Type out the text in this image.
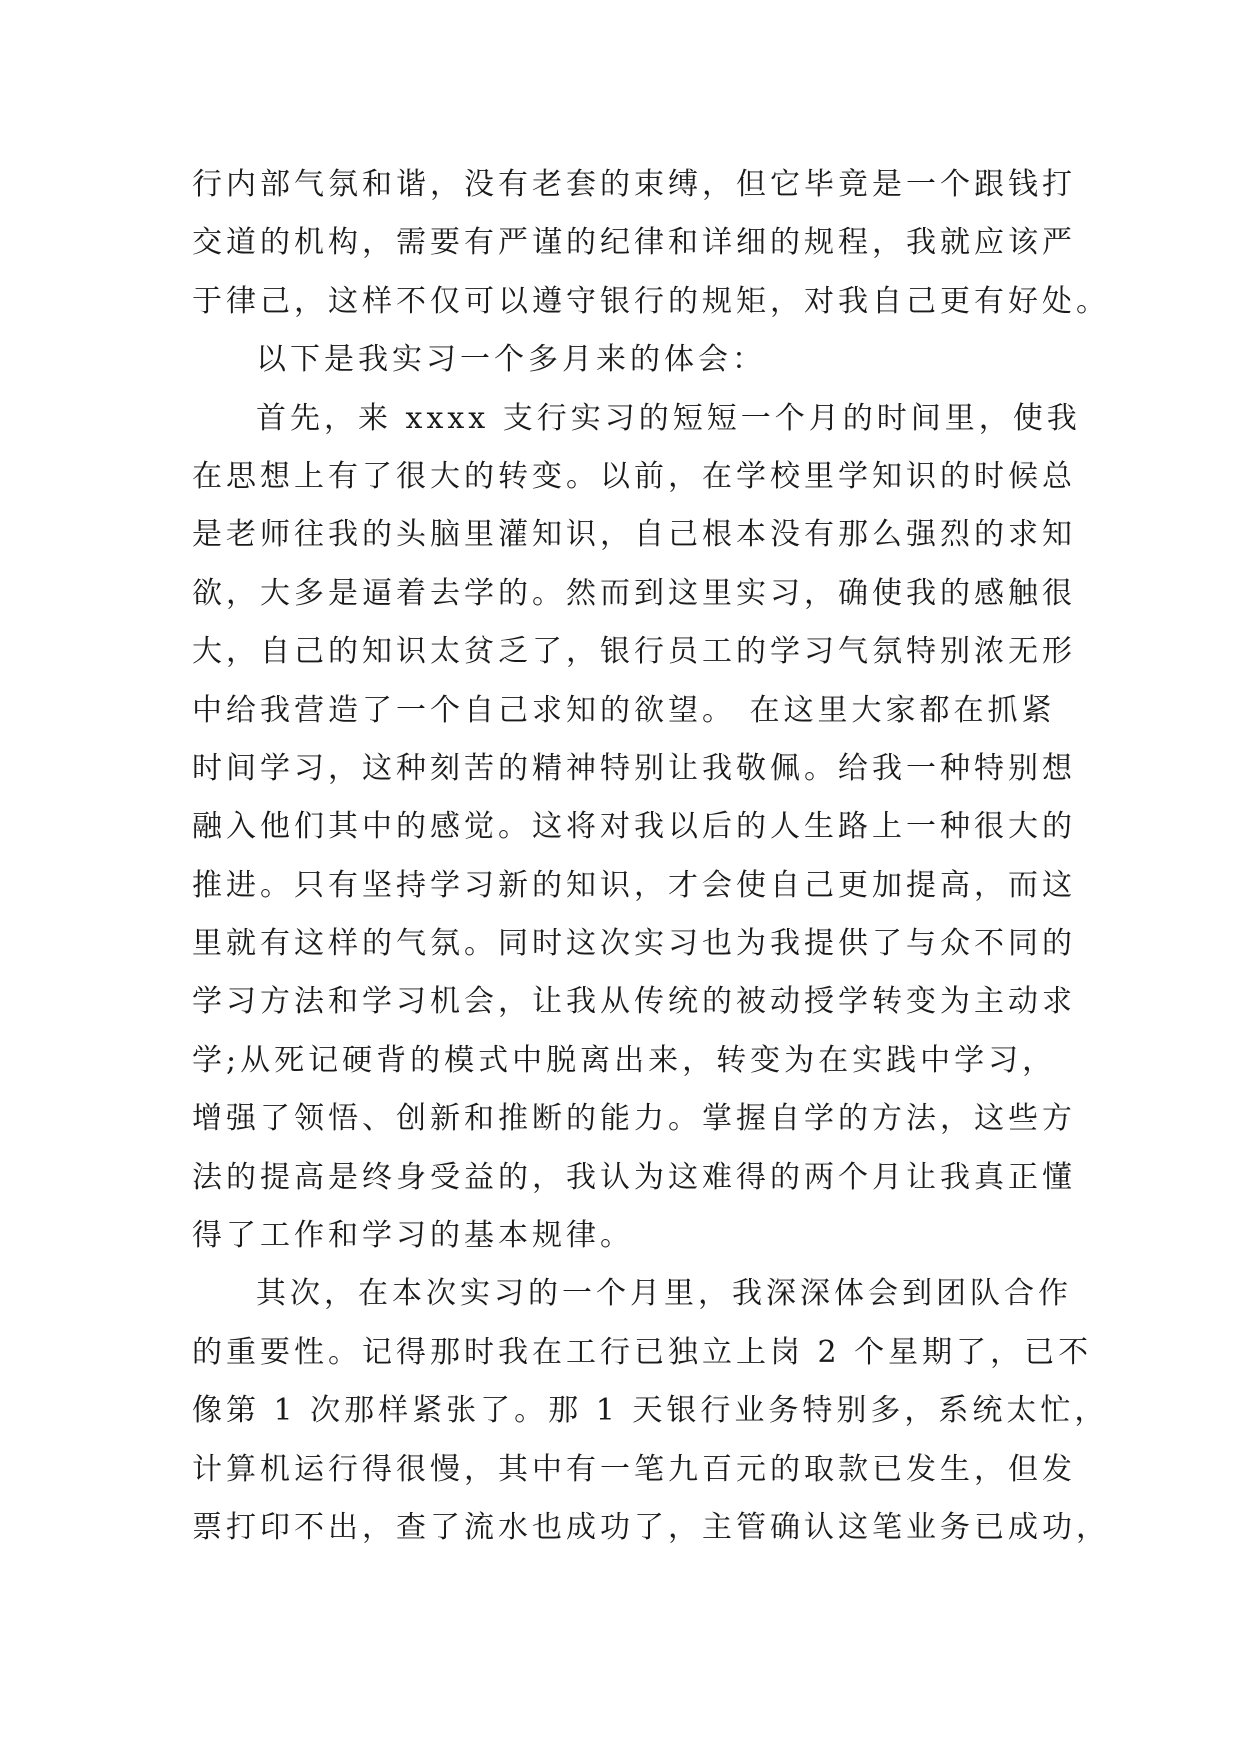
行内部气氛和谐，没有老套的束缚，但它毕竟是一个跟钱打
交道的机构，需要有严谨的纪律和详细的规程，我就应该严
于律己，这样不仅可以遵守银行的规矩，对我自己更有好处。
以下是我实习一个多月来的体会：
首先，来 xxxx 支行实习的短短一个月的时间里，使我
在思想上有了很大的转变。以前，在学校里学知识的时候总
是老师往我的头脑里灌知识，自己根本没有那么强烈的求知
欲，大多是逼着去学的。然而到这里实习，确使我的感触很
大，自己的知识太贫乏了，银行员工的学习气氛特别浓无形
中给我营造了一个自己求知的欲望。 在这里大家都在抓紧
时间学习，这种刻苦的精神特别让我敬佩。给我一种特别想
融入他们其中的感觉。这将对我以后的人生路上一种很大的
推进。只有坚持学习新的知识，才会使自己更加提高，而这
里就有这样的气氛。同时这次实习也为我提供了与众不同的
学习方法和学习机会，让我从传统的被动授学转变为主动求
学;从死记硬背的模式中脱离出来，转变为在实践中学习，
增强了领悟、创新和推断的能力。掌握自学的方法，这些方
法的提高是终身受益的，我认为这难得的两个月让我真正懂
得了工作和学习的基本规律。
其次，在本次实习的一个月里，我深深体会到团队合作
的重要性。记得那时我在工行已独立上岗 2 个星期了，已不
像第 1 次那样紧张了。那 1 天银行业务特别多，系统太忙，
计算机运行得很慢，其中有一笔九百元的取款已发生，但发
票打印不出，查了流水也成功了，主管确认这笔业务已成功，
